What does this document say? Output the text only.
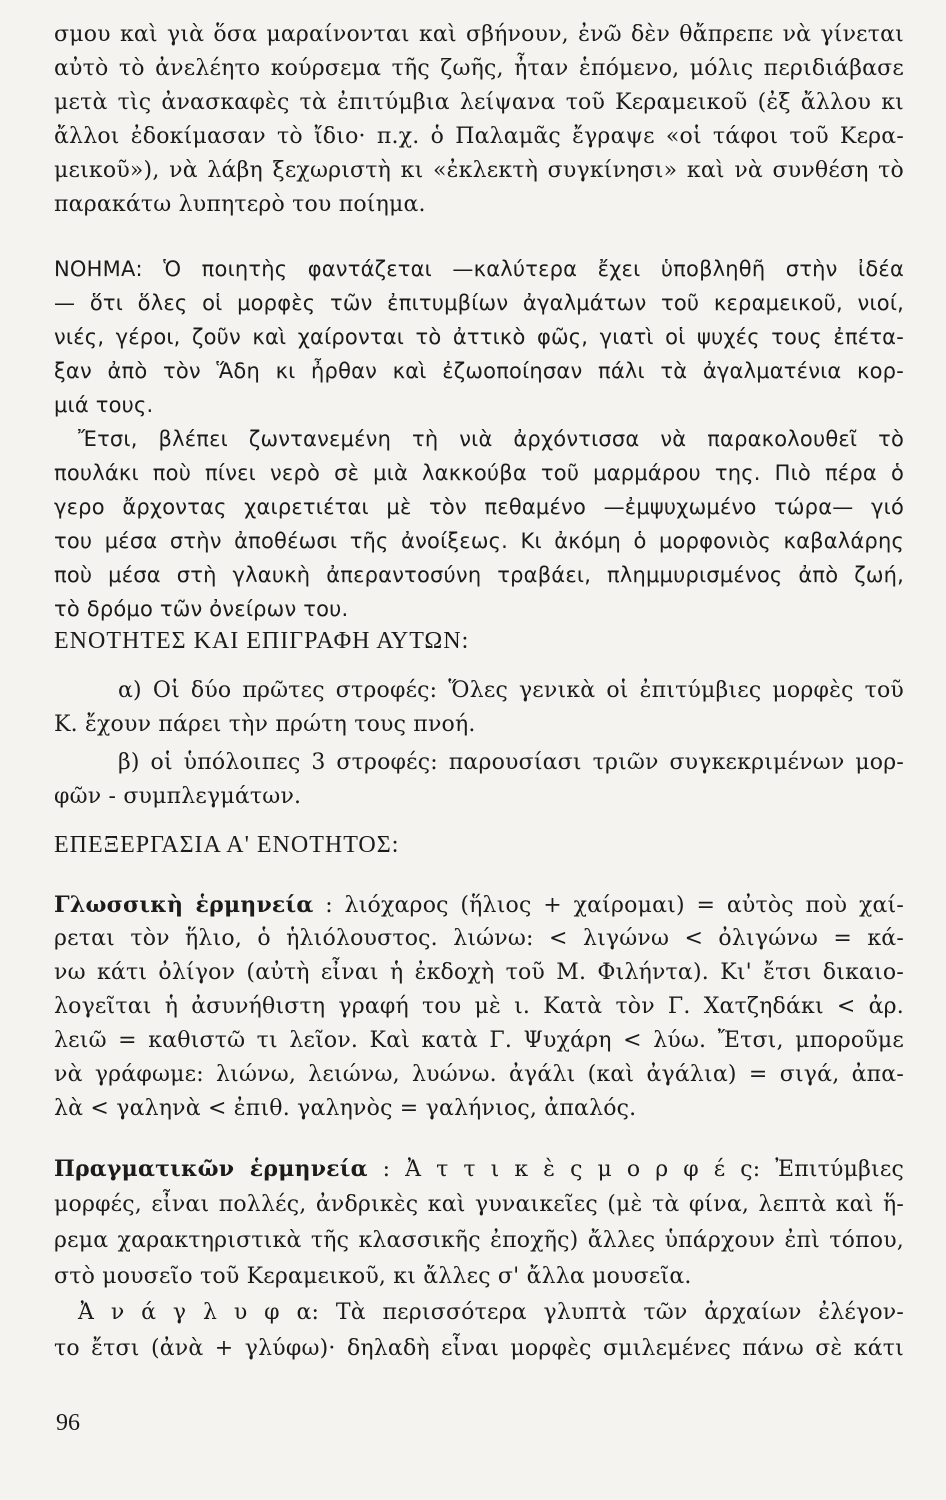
σμου καὶ γιὰ ὅσα μαραίνονται καὶ σβήνουν, ἐνῶ δὲν θἄπρεπε νὰ γίνεται
αὐτὸ τὸ ἀνελέητο κούρσεμα τῆς ζωῆς, ἦταν ἑπόμενο, μόλις περιδιάβασε
μετὰ τὶς ἀνασκαφὲς τὰ ἐπιτύμβια λείψανα τοῦ Κεραμεικοῦ (ἐξ ἄλλου κι
ἄλλοι ἐδοκίμασαν τὸ ἴδιο· π.χ. ὁ Παλαμᾶς ἔγραψε «οἱ τάφοι τοῦ Κερα-
μεικοῦ»), νὰ λάβη ξεχωριστὴ κι «ἐκλεκτὴ συγκίνησι» καὶ νὰ συνθέση τὸ
παρακάτω λυπητερὸ του ποίημα.
ΝΟΗΜΑ: Ὁ ποιητὴς φαντάζεται —καλύτερα ἔχει ὑποβληθῆ στὴν ἰδέα
— ὅτι ὅλες οἱ μορφὲς τῶν ἐπιτυμβίων ἀγαλμάτων τοῦ κεραμεικοῦ, νιοί,
νιές, γέροι, ζοῦν καὶ χαίρονται τὸ ἀττικὸ φῶς, γιατὶ οἱ ψυχές τους ἐπέτα-
ξαν ἀπὸ τὸν Ἅδη κι ἦρθαν καὶ ἐζωοποίησαν πάλι τὰ ἀγαλματένια κορ-
μιά τους.
Ἔτσι, βλέπει ζωντανεμένη τὴ νιὰ ἀρχόντισσα νὰ παρακολουθεῖ τὸ
πουλάκι ποὺ πίνει νερὸ σὲ μιὰ λακκούβα τοῦ μαρμάρου της. Πιὸ πέρα ὁ
γερο ἄρχοντας χαιρετιέται μὲ τὸν πεθαμένο —ἐμψυχωμένο τώρα— γιό
του μέσα στὴν ἀποθέωσι τῆς ἀνοίξεως. Κι ἀκόμη ὁ μορφονιὸς καβαλάρης
ποὺ μέσα στὴ γλαυκὴ ἀπεραντοσύνη τραβάει, πλημμυρισμένος ἀπὸ ζωή,
τὸ δρόμο τῶν ὀνείρων του.
ΕΝΟΤΗΤΕΣ ΚΑΙ ΕΠΙΓΡΑΦΗ ΑΥΤΩΝ:
α) Οἱ δύο πρῶτες στροφές: Ὅλες γενικὰ οἱ ἐπιτύμβιες μορφὲς τοῦ
Κ. ἔχουν πάρει τὴν πρώτη τους πνοή.
β) οἱ ὑπόλοιπες 3 στροφές: παρουσίασι τριῶν συγκεκριμένων μορ-
φῶν - συμπλεγμάτων.
ΕΠΕΞΕΡΓΑΣΙΑ Α' ΕΝΟΤΗΤΟΣ:
Γλωσσικὴ ἑρμηνεία : λιόχαρος (ἥλιος + χαίρομαι) = αὐτὸς ποὺ χαί-
ρεται τὸν ἥλιο, ὁ ἡλιόλουστος. λιώνω: < λιγώνω < ὀλιγώνω = κά-
νω κάτι ὀλίγον (αὐτὴ εἶναι ἡ ἐκδοχὴ τοῦ Μ. Φιλήντα). Κι' ἔτσι δικαιο-
λογεῖται ἡ ἀσυνήθιστη γραφή του μὲ ι. Κατὰ τὸν Γ. Χατζηδάκι < ἀρ.
λειῶ = καθιστῶ τι λεῖον. Καὶ κατὰ Γ. Ψυχάρη < λύω. Ἔτσι, μποροῦμε
νὰ γράφωμε: λιώνω, λειώνω, λυώνω. ἀγάλι (καὶ ἀγάλια) = σιγά, ἀπα-
λὰ < γαληνὰ < ἐπιθ. γαληνὸς = γαλήνιος, ἀπαλός.
Πραγματικῶν ἑρμηνεία : Ἀ τ τ ι κ ὲ ς μ ο ρ φ έ ς: Ἐπιτύμβιες
μορφές, εἶναι πολλές, ἀνδρικὲς καὶ γυναικεῖες (μὲ τὰ φίνα, λεπτὰ καὶ ἥ-
ρεμα χαρακτηριστικὰ τῆς κλασσικῆς ἐποχῆς) ἄλλες ὑπάρχουν ἐπὶ τόπου,
στὸ μουσεῖο τοῦ Κεραμεικοῦ, κι ἄλλες σ' ἄλλα μουσεῖα.
Ἀ ν ά γ λ υ φ α: Τὰ περισσότερα γλυπτὰ τῶν ἀρχαίων ἐλέγον-
το ἔτσι (ἀνὰ + γλύφω)· δηλαδὴ εἶναι μορφὲς σμιλεμένες πάνω σὲ κάτι
96
